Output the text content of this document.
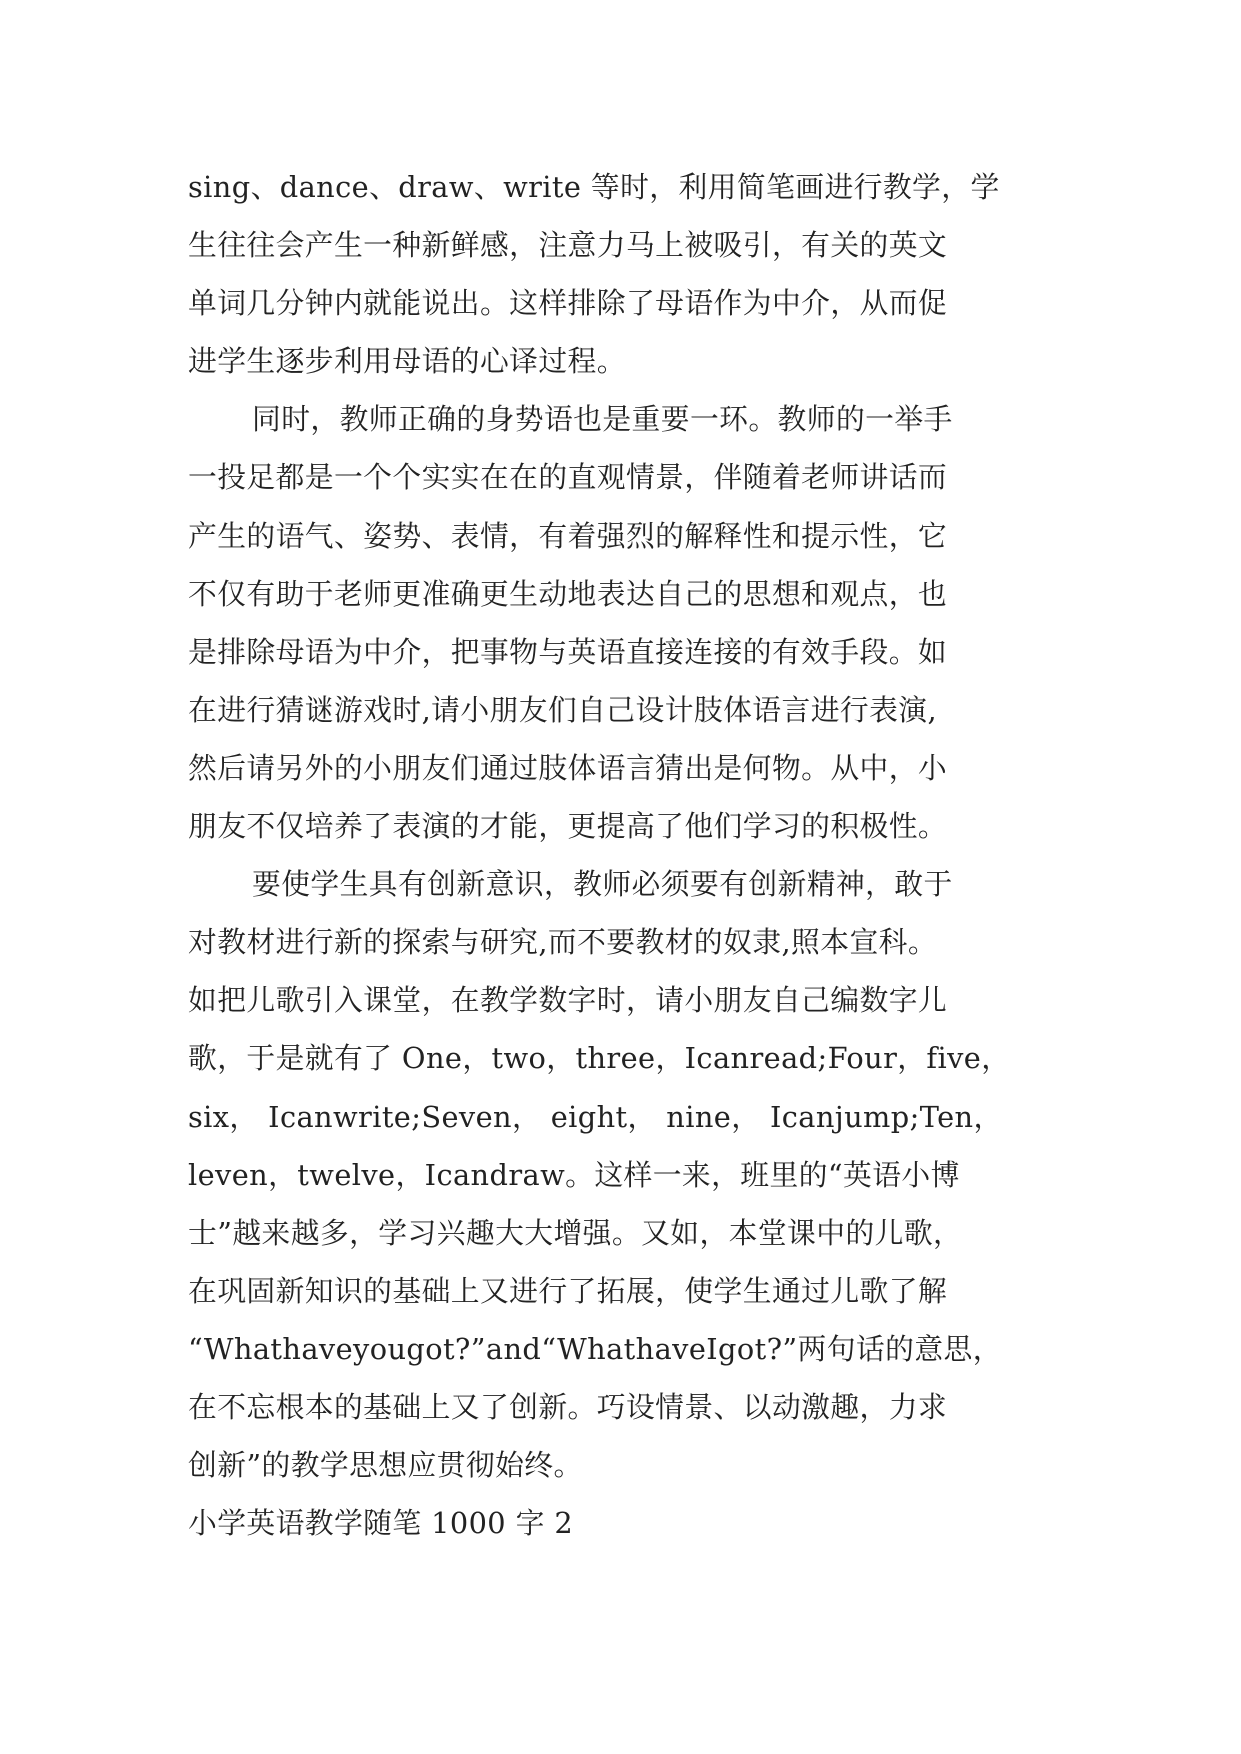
sing、dance、draw、write 等时，利用简笔画进行教学，学
生往往会产生一种新鲜感，注意力马上被吸引，有关的英文
单词几分钟内就能说出。这样排除了母语作为中介，从而促
进学生逐步利用母语的心译过程。
同时，教师正确的身势语也是重要一环。教师的一举手
一投足都是一个个实实在在的直观情景，伴随着老师讲话而
产生的语气、姿势、表情，有着强烈的解释性和提示性，它
不仅有助于老师更准确更生动地表达自己的思想和观点，也
是排除母语为中介，把事物与英语直接连接的有效手段。如
在进行猜谜游戏时,请小朋友们自己设计肢体语言进行表演,
然后请另外的小朋友们通过肢体语言猜出是何物。从中，小
朋友不仅培养了表演的才能，更提高了他们学习的积极性。
要使学生具有创新意识，教师必须要有创新精神，敢于
对教材进行新的探索与研究,而不要教材的奴隶,照本宣科。
如把儿歌引入课堂，在教学数字时，请小朋友自己编数字儿
歌，于是就有了 One，two，three，Icanread;Four，five，
six， Icanwrite;Seven， eight， nine， Icanjump;Ten，
leven，twelve，Icandraw。这样一来，班里的“英语小博
士”越来越多，学习兴趣大大增强。又如，本堂课中的儿歌，
在巩固新知识的基础上又进行了拓展，使学生通过儿歌了解
“Whathaveyougot?”and“WhathaveIgot?”两句话的意思，
在不忘根本的基础上又了创新。巧设情景、以动激趣，力求
创新”的教学思想应贯彻始终。
小学英语教学随笔 1000 字 2
